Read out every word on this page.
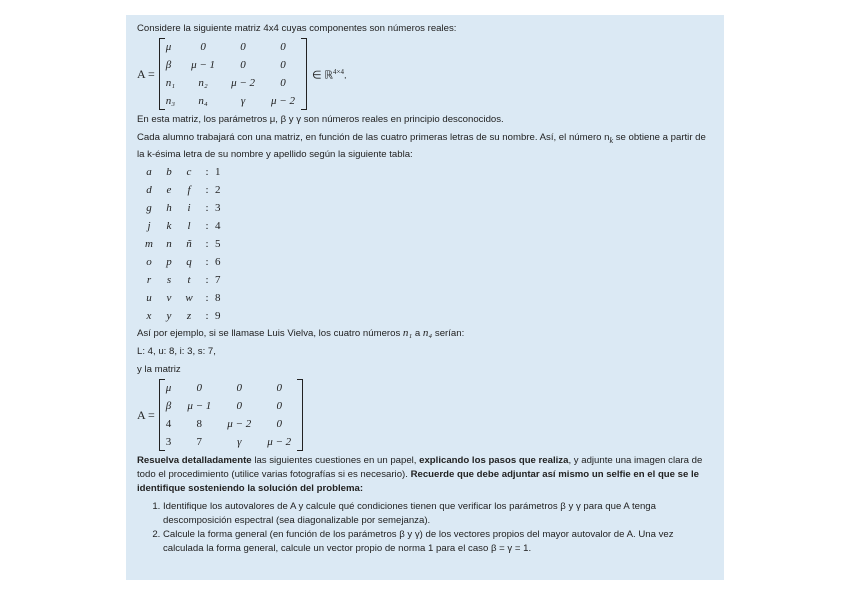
Considere la siguiente matriz 4x4 cuyas componentes son números reales:

A =
μ	0	0	0
β	μ − 1	0	0
n₁	n₂	μ − 2	0
n₃	n₄	γ	μ − 2
∈ ℝ$^{4\times 4}$.

En esta matriz, los parámetros μ, β y γ son números reales en principio desconocidos.

Cada alumno trabajará con una matriz, en función de las cuatro primeras letras de su nombre. Así, el número $n_k$ se obtiene a partir de la k-ésima letra de su nombre y apellido según la siguiente tabla:

a	b	c	:	1
d	e	f	:	2
g	h	i	:	3
j	k	l	:	4
m	n	ñ	:	5
o	p	q	:	6
r	s	t	:	7
u	v	w	:	8
x	y	z	:	9

Así por ejemplo, si se llamase Luis Vielva, los cuatro números n₁ a n₄ serían:

L: 4, u: 8, i: 3, s: 7,

y la matriz

A =
μ	0	0	0
β	μ − 1	0	0
4	8	μ − 2	0
3	7	γ	μ − 2

Resuelva detalladamente las siguientes cuestiones en un papel, explicando los pasos que realiza, y adjunte una imagen clara de todo el procedimiento (utilice varias fotografías si es necesario). Recuerde que debe adjuntar así mismo un selfie en el que se le identifique sosteniendo la solución del problema:

1. Identifique los autovalores de A y calcule qué condiciones tienen que verificar los parámetros β y γ para que A tenga descomposición espectral (sea diagonalizable por semejanza).
2. Calcule la forma general (en función de los parámetros β y γ) de los vectores propios del mayor autovalor de A. Una vez calculada la forma general, calcule un vector propio de norma 1 para el caso β = γ = 1.
